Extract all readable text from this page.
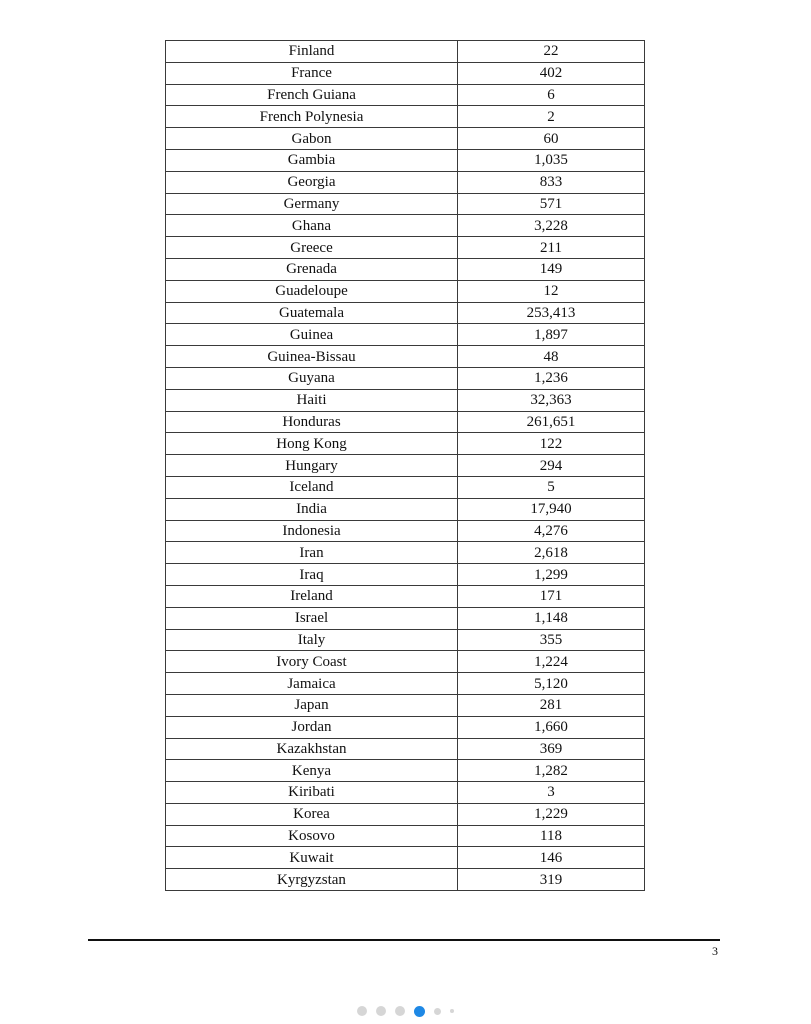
Finland	22
France	402
French Guiana	6
French Polynesia	2
Gabon	60
Gambia	1,035
Georgia	833
Germany	571
Ghana	3,228
Greece	211
Grenada	149
Guadeloupe	12
Guatemala	253,413
Guinea	1,897
Guinea-Bissau	48
Guyana	1,236
Haiti	32,363
Honduras	261,651
Hong Kong	122
Hungary	294
Iceland	5
India	17,940
Indonesia	4,276
Iran	2,618
Iraq	1,299
Ireland	171
Israel	1,148
Italy	355
Ivory Coast	1,224
Jamaica	5,120
Japan	281
Jordan	1,660
Kazakhstan	369
Kenya	1,282
Kiribati	3
Korea	1,229
Kosovo	118
Kuwait	146
Kyrgyzstan	319
3
